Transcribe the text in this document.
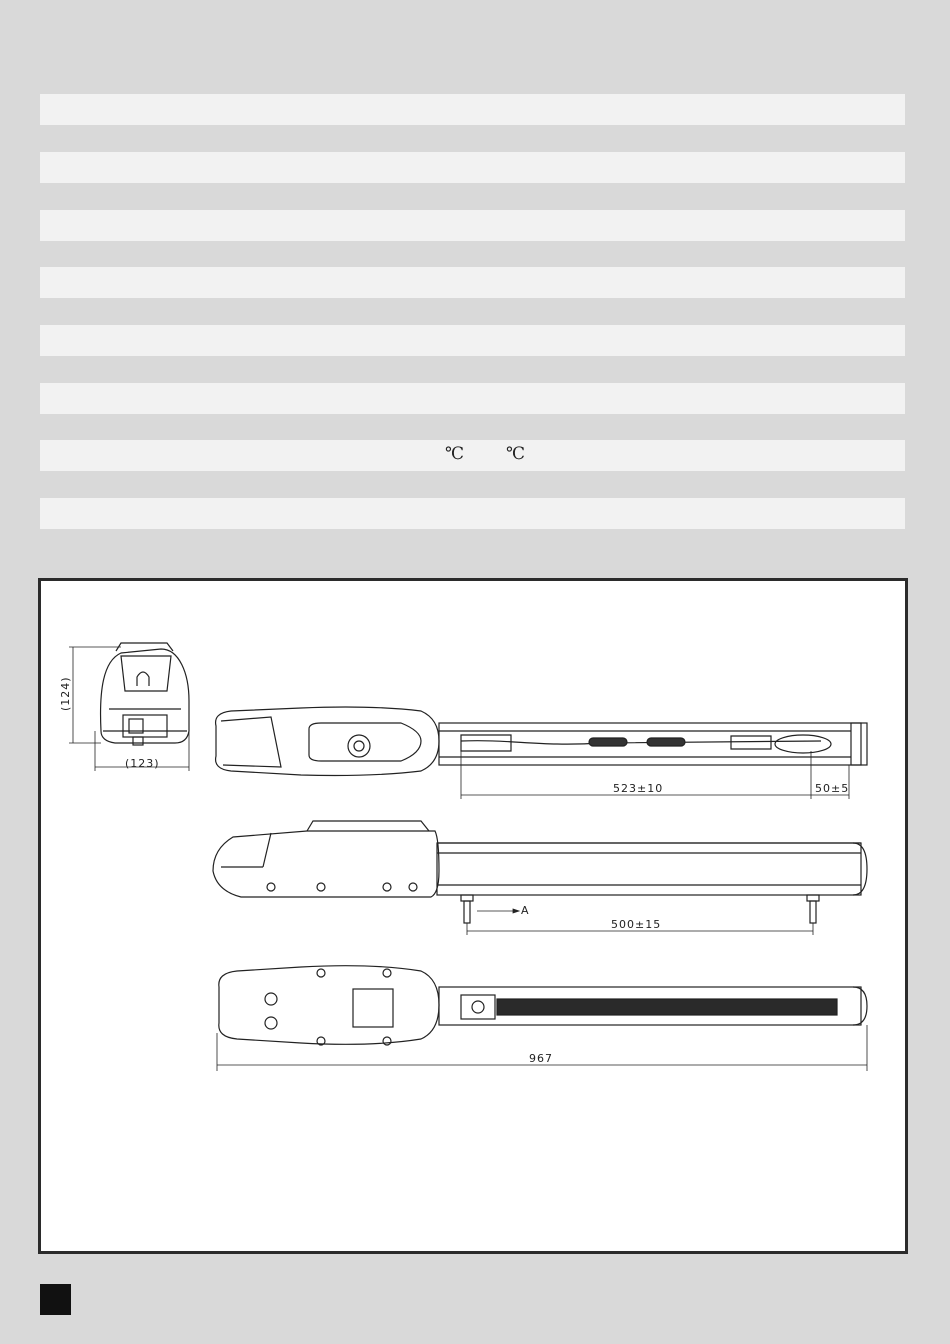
℃ ℃
(124)
(123)
523±10	50±5
500±15
A
967
